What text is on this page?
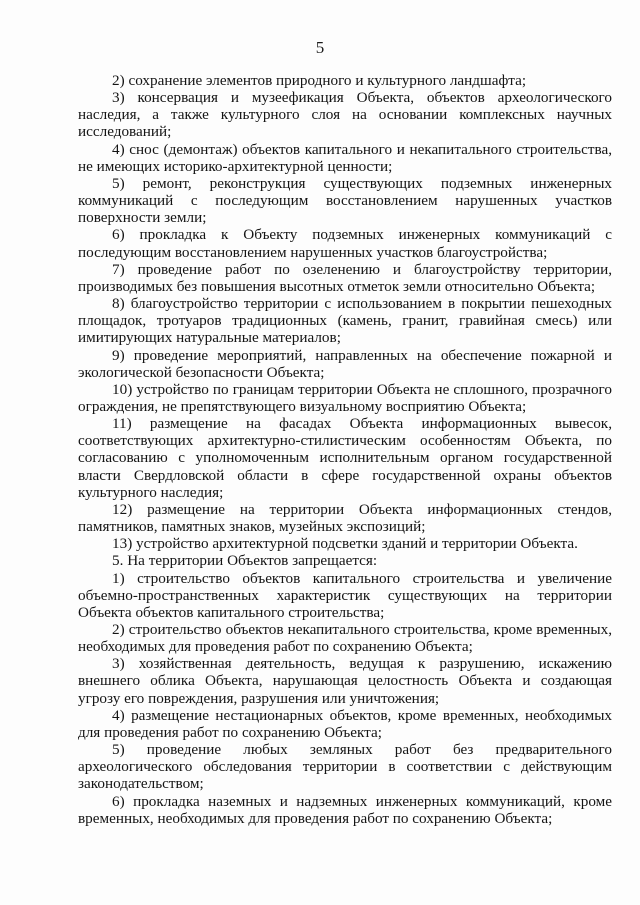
5

2) сохранение элементов природного и культурного ландшафта;

3) консервация и музеефикация Объекта, объектов археологического наследия, а также культурного слоя на основании комплексных научных исследований;

4) снос (демонтаж) объектов капитального и некапитального строительства, не имеющих историко-архитектурной ценности;

5) ремонт, реконструкция существующих подземных инженерных коммуникаций с последующим восстановлением нарушенных участков поверхности земли;

6) прокладка к Объекту подземных инженерных коммуникаций с последующим восстановлением нарушенных участков благоустройства;

7) проведение работ по озеленению и благоустройству территории, производимых без повышения высотных отметок земли относительно Объекта;

8) благоустройство территории с использованием в покрытии пешеходных площадок, тротуаров традиционных (камень, гранит, гравийная смесь) или имитирующих натуральные материалов;

9) проведение мероприятий, направленных на обеспечение пожарной и экологической безопасности Объекта;

10) устройство по границам территории Объекта не сплошного, прозрачного ограждения, не препятствующего визуальному восприятию Объекта;

11) размещение на фасадах Объекта информационных вывесок, соответствующих архитектурно-стилистическим особенностям Объекта, по согласованию с уполномоченным исполнительным органом государственной власти Свердловской области в сфере государственной охраны объектов культурного наследия;

12) размещение на территории Объекта информационных стендов, памятников, памятных знаков, музейных экспозиций;

13) устройство архитектурной подсветки зданий и территории Объекта.

5. На территории Объектов запрещается:

1) строительство объектов капитального строительства и увеличение объемно-пространственных характеристик существующих на территории Объекта объектов капитального строительства;

2) строительство объектов некапитального строительства, кроме временных, необходимых для проведения работ по сохранению Объекта;

3) хозяйственная деятельность, ведущая к разрушению, искажению внешнего облика Объекта, нарушающая целостность Объекта и создающая угрозу его повреждения, разрушения или уничтожения;

4) размещение нестационарных объектов, кроме временных, необходимых для проведения работ по сохранению Объекта;

5) проведение любых земляных работ без предварительного археологического обследования территории в соответствии с действующим законодательством;

6) прокладка наземных и надземных инженерных коммуникаций, кроме временных, необходимых для проведения работ по сохранению Объекта;
